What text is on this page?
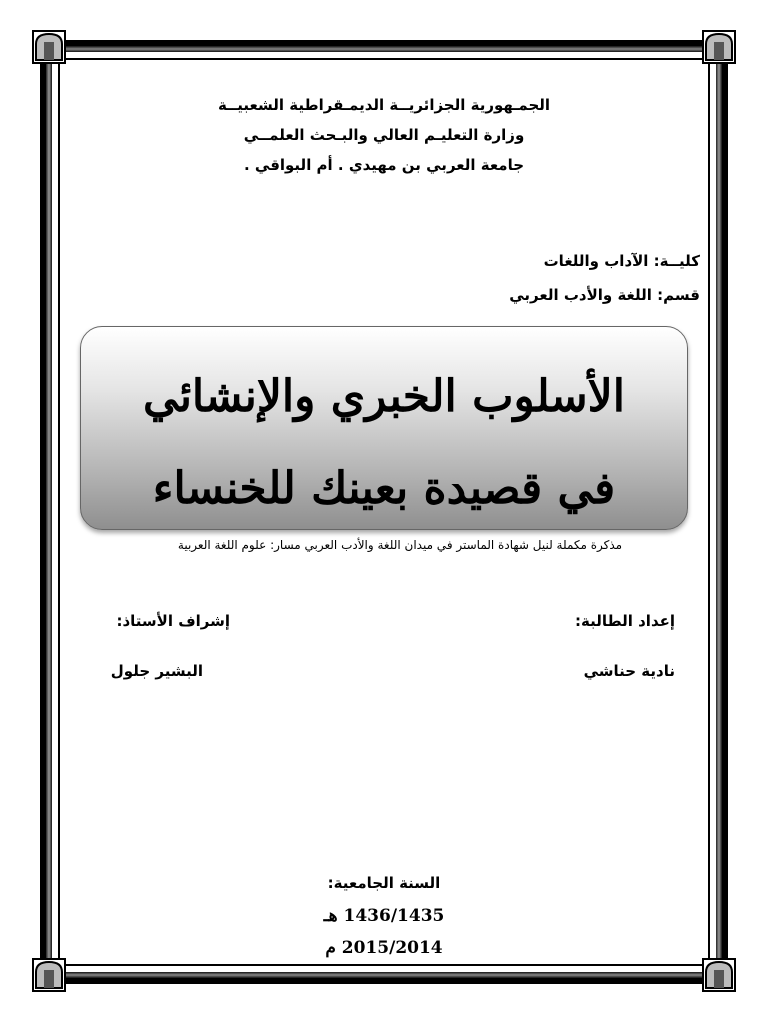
الجمـهورية الجزائريــة الديمـقراطية الشعبيــة
وزارة التعليـم العالي والبـحث العلمــي
جامعة العربي بن مهيدي . أم البواقي .
كليــة: الآداب واللغات
قسم: اللغة والأدب العربي
الأسلوب الخبري والإنشائي
في قصيدة بعينك للخنساء
مذكرة مكملة لنيل شهادة الماستر في ميدان اللغة والأدب العربي مسار: علوم اللغة العربية
إعداد الطالبة:
إشراف الأستاذ:
نادية حناشي
البشير جلول
السنة الجامعية:
1436/1435 هـ
2015/2014 م
